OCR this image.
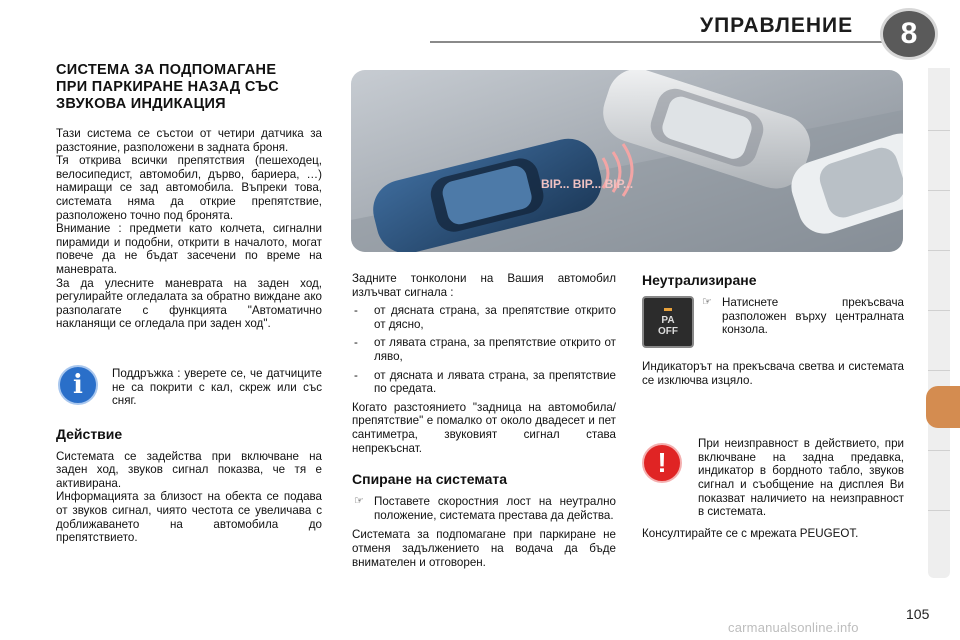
УПРАВЛЕНИЕ	8
СИСТЕМА ЗА ПОДПОМАГАНЕ
ПРИ ПАРКИРАНЕ НАЗАД СЪС
ЗВУКОВА ИНДИКАЦИЯ

Тази система се състои от четири датчика за разстояние, разположени в задната броня.

Тя открива всички препятствия (пешеходец, велосипедист, автомобил, дърво, бариера, …) намиращи се зад автомобила. Въпреки това, системата няма да открие препятствие, разположено точно под бронята.

Внимание : предмети като колчета, сигнални пирамиди и подобни, открити в началото, могат повече да не бъдат засечени по време на маневрата.

За да улесните маневрата на заден ход, регулирайте огледалата за обратно виждане ако разполагате с функцията "Автоматично накланящи се огледала при заден ход".

i	Поддръжка : уверете се, че датчиците не са покрити с кал, скреж или със сняг.

Действие

Системата се задейства при включване на заден ход, звуков сигнал показва, че тя е активирана.

Информацията за близост на обекта се подава от звуков сигнал, чиято честота се увеличава с доближаването на автомобила до препятствието.

BIP... BIP... BIP...

Задните тонколони на Вашия автомобил излъчват сигнала :

- от дясната страна, за препятствие открито от дясно,
- от лявата страна, за препятствие открито от ляво,
- от дясната и лявата страна, за препятствие по средата.

Когато разстоянието "задница на автомобила/препятствие" е помалко от около двадесет и пет сантиметра, звуковият сигнал става непрекъснат.

Спиране на системата
☞ Поставете скоростния лост на неутрално положение, системата престава да действа.

Системата за подпомагане при паркиране не отменя задължението на водача да бъде внимателен и отговорен.

Неутрализиране
PA
OFF
☞ Натиснете прекъсвача разположен върху централната конзола.

Индикаторът на прекъсвача светва и системата се изключва изцяло.

!

При неизправност в действието, при включване на задна предавка, индикатор в бордното табло, звуков сигнал и съобщение на дисплея Ви показват наличието на неизправност в системата.

Консултирайте се с мрежата PEUGEOT.

105
carmanualsonline.info
